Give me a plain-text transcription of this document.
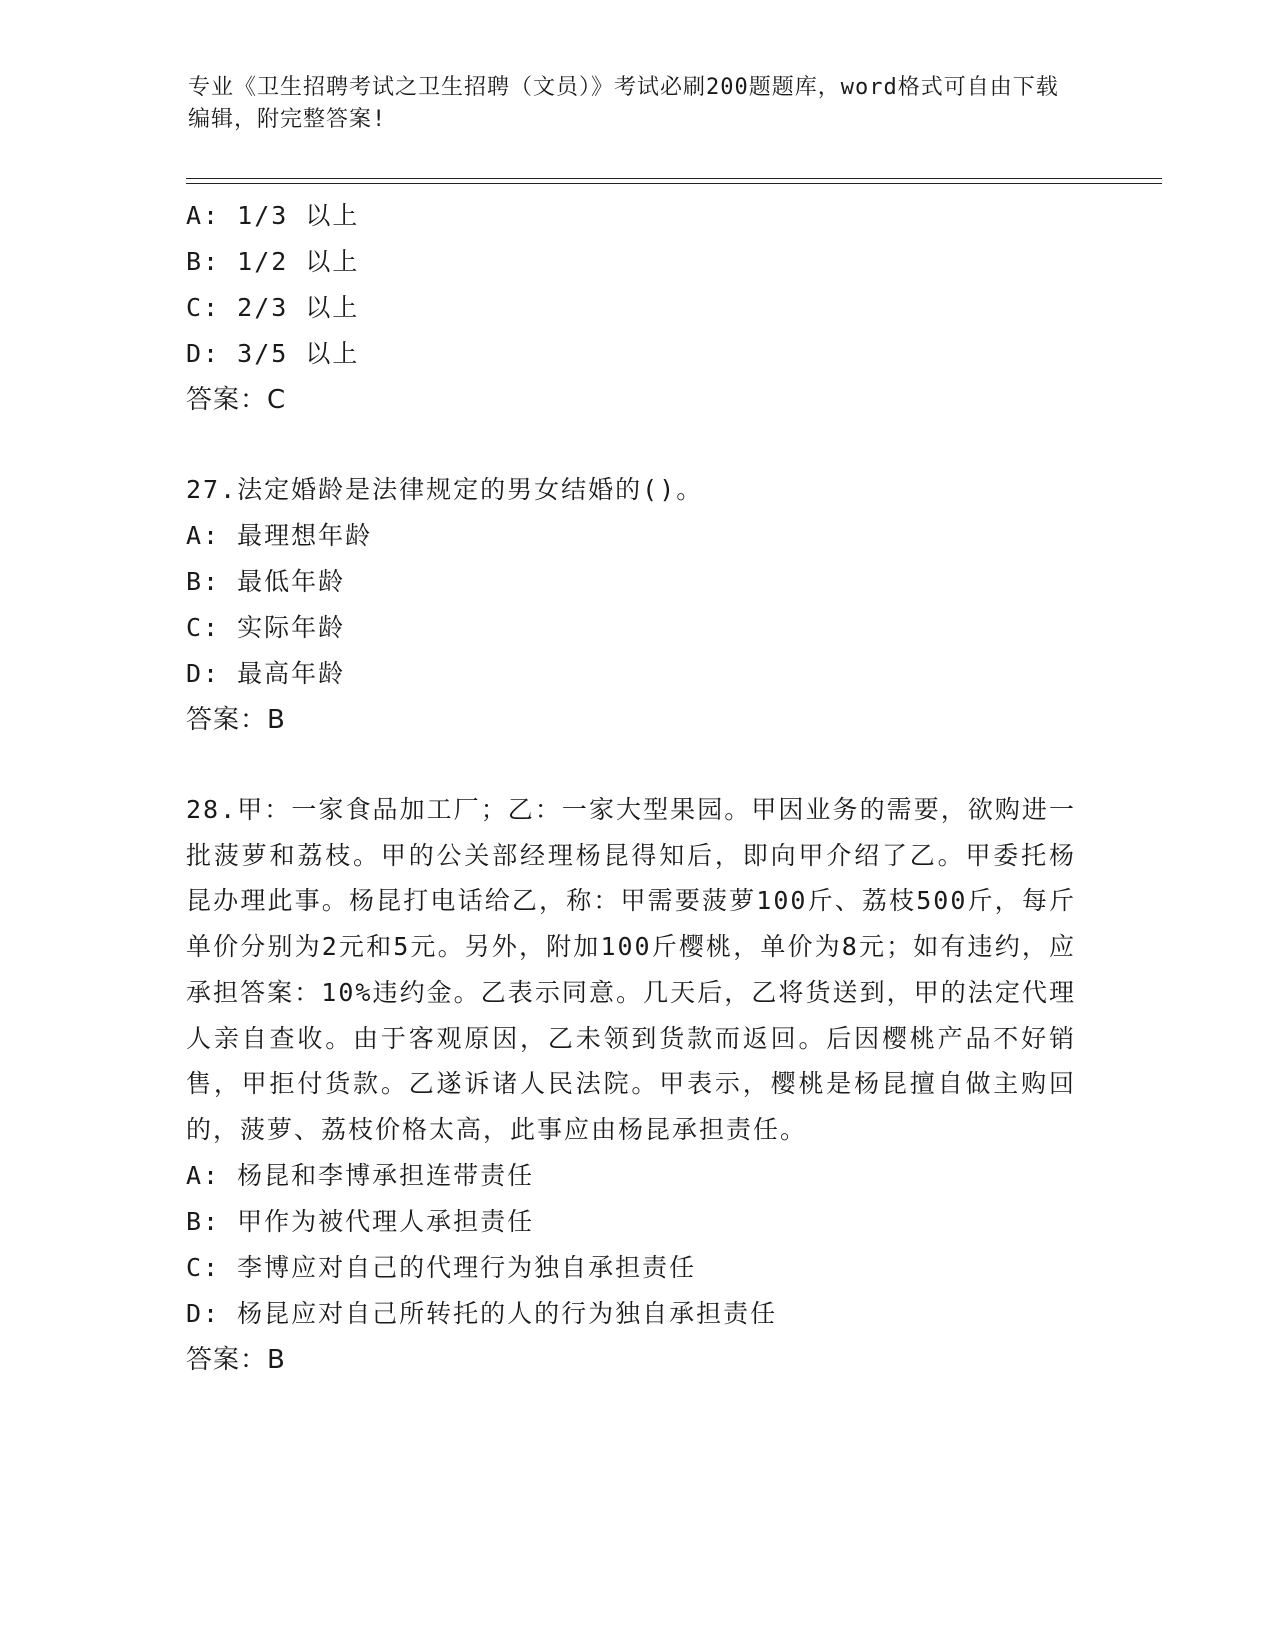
专业《卫生招聘考试之卫生招聘（文员）》考试必刷200题题库，word格式可自由下载编辑，附完整答案!
A: 1/3 以上
B: 1/2 以上
C: 2/3 以上
D: 3/5 以上
答案：C
27.法定婚龄是法律规定的男女结婚的()。
A: 最理想年龄
B: 最低年龄
C: 实际年龄
D: 最高年龄
答案：B
28.甲：一家食品加工厂；乙：一家大型果园。甲因业务的需要，欲购进一批菠萝和荔枝。甲的公关部经理杨昆得知后，即向甲介绍了乙。甲委托杨昆办理此事。杨昆打电话给乙，称：甲需要菠萝100斤、荔枝500斤，每斤单价分别为2元和5元。另外，附加100斤樱桃，单价为8元；如有违约，应承担答案：10%违约金。乙表示同意。几天后，乙将货送到，甲的法定代理人亲自查收。由于客观原因，乙未领到货款而返回。后因樱桃产品不好销售，甲拒付货款。乙遂诉诸人民法院。甲表示，樱桃是杨昆擅自做主购回的，菠萝、荔枝价格太高，此事应由杨昆承担责任。
A: 杨昆和李博承担连带责任
B: 甲作为被代理人承担责任
C: 李博应对自己的代理行为独自承担责任
D: 杨昆应对自己所转托的人的行为独自承担责任
答案：B
